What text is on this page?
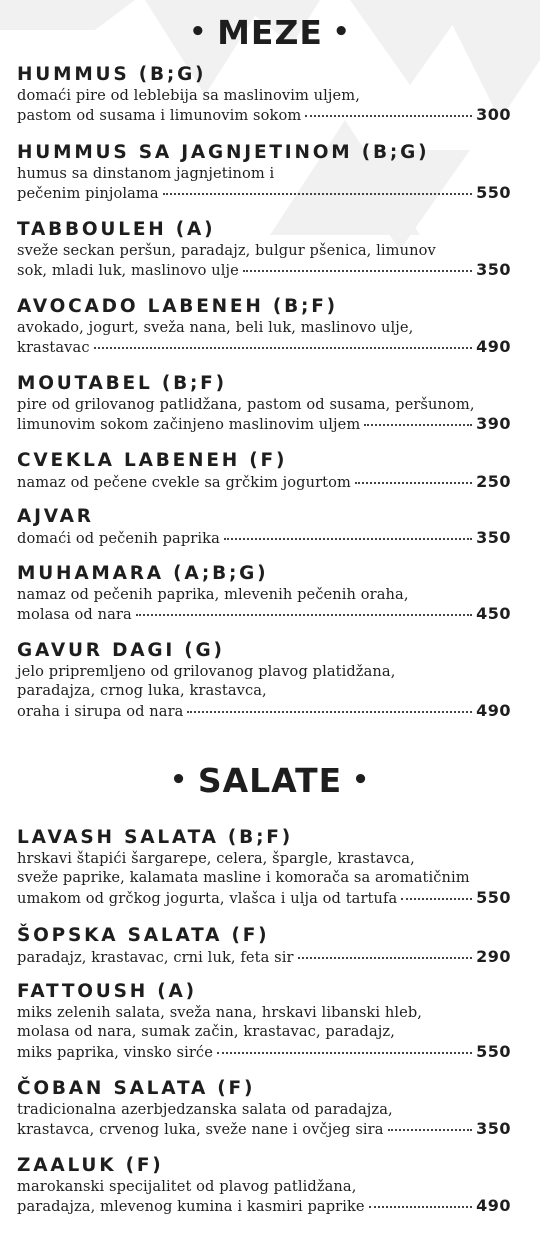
• MEZE •
HUMMUS (B;G)
domaći pire od leblebija sa maslinovim uljem,
pastom od susama i limunovim sokom	300
HUMMUS SA JAGNJETINOM (B;G)
humus sa dinstanom jagnjetinom i
pečenim pinjolama	550
TABBOULEH (A)
sveže seckan peršun, paradajz, bulgur pšenica, limunov
sok, mladi luk, maslinovo ulje	350
AVOCADO LABENEH (B;F)
avokado, jogurt, sveža nana, beli luk, maslinovo ulje,
krastavac	490
MOUTABEL (B;F)
pire od grilovanog patlidžana, pastom od susama, peršunom,
limunovim sokom začinjeno maslinovim uljem	390
CVEKLA LABENEH (F)
namaz od pečene cvekle sa grčkim jogurtom	250
AJVAR
domaći od pečenih paprika	350
MUHAMARA (A;B;G)
namaz od pečenih paprika, mlevenih pečenih oraha,
molasa od nara	450
GAVUR DAGI (G)
jelo pripremljeno od grilovanog plavog platidžana,
paradajza, crnog luka, krastavca,
oraha i sirupa od nara	490
• SALATE •
LAVASH SALATA (B;F)
hrskavi štapići šargarepe, celera, špargle, krastavca,
sveže paprike, kalamata masline i komorača sa aromatičnim
umakom od grčkog jogurta, vlašca i ulja od tartufa	550
ŠOPSKA SALATA (F)
paradajz, krastavac, crni luk, feta sir	290
FATTOUSH (A)
miks zelenih salata, sveža nana, hrskavi libanski hleb,
molasa od nara, sumak začin, krastavac, paradajz,
miks paprika, vinsko sirće	550
ČOBAN SALATA (F)
tradicionalna azerbjedzanska salata od paradajza,
krastavca, crvenog luka, sveže nane i ovčjeg sira	350
ZAALUK (F)
marokanski specijalitet od plavog patlidžana,
paradajza, mlevenog kumina i kasmiri paprike	490
